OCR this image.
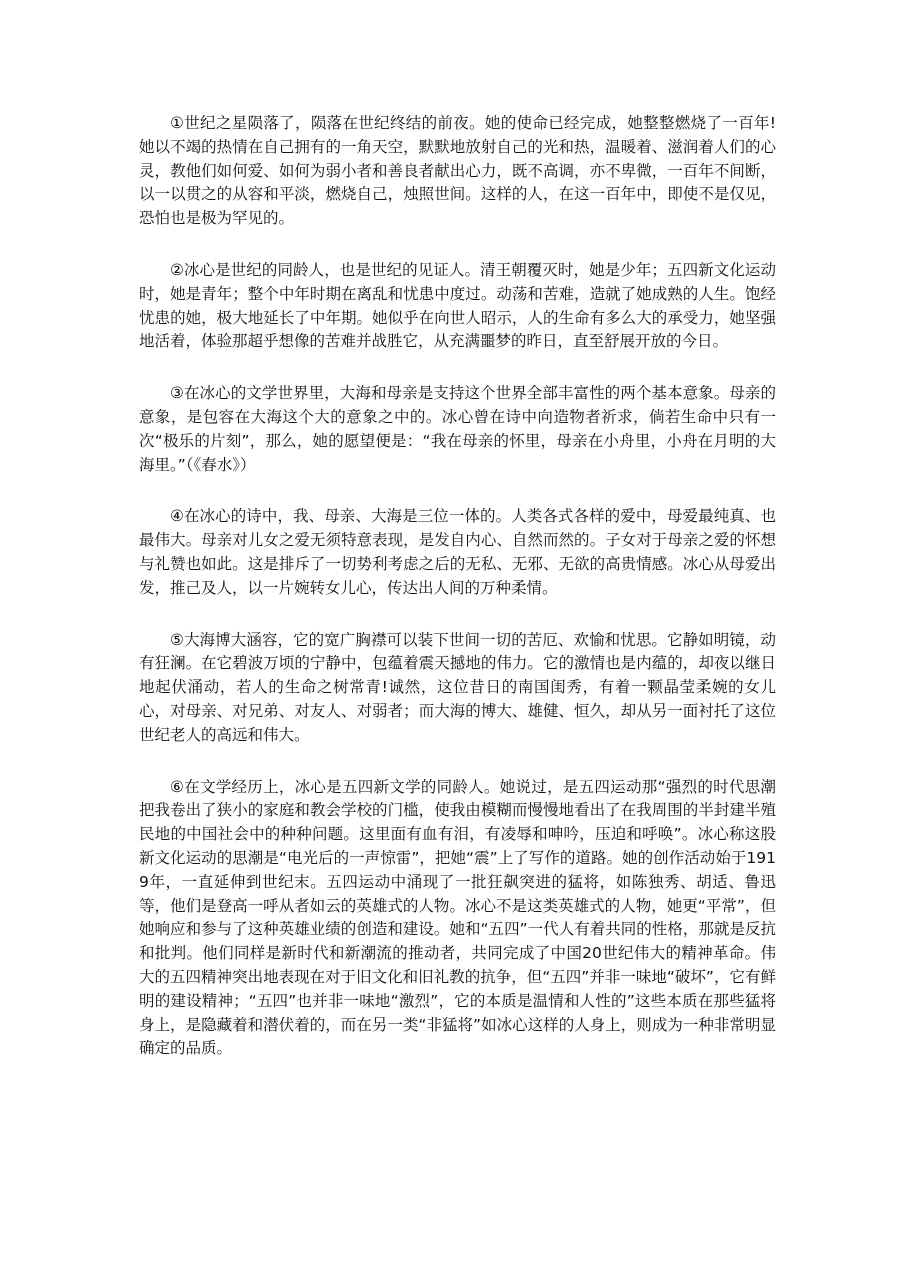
①世纪之星陨落了，陨落在世纪终结的前夜。她的使命已经完成，她整整燃烧了一百年!她以不竭的热情在自己拥有的一角天空，默默地放射自己的光和热，温暖着、滋润着人们的心灵，教他们如何爱、如何为弱小者和善良者献出心力，既不高调，亦不卑微，一百年不间断，以一以贯之的从容和平淡，燃烧自己，烛照世间。这样的人，在这一百年中，即使不是仅见，恐怕也是极为罕见的。

②冰心是世纪的同龄人，也是世纪的见证人。清王朝覆灭时，她是少年；五四新文化运动时，她是青年；整个中年时期在离乱和忧患中度过。动荡和苦难，造就了她成熟的人生。饱经忧患的她，极大地延长了中年期。她似乎在向世人昭示，人的生命有多么大的承受力，她坚强地活着，体验那超乎想像的苦难并战胜它，从充满噩梦的昨日，直至舒展开放的今日。

③在冰心的文学世界里，大海和母亲是支持这个世界全部丰富性的两个基本意象。母亲的意象，是包容在大海这个大的意象之中的。冰心曾在诗中向造物者祈求，倘若生命中只有一次“极乐的片刻”，那么，她的愿望便是：“我在母亲的怀里，母亲在小舟里，小舟在月明的大海里。”（《春水》）

④在冰心的诗中，我、母亲、大海是三位一体的。人类各式各样的爱中，母爱最纯真、也最伟大。母亲对儿女之爱无须特意表现，是发自内心、自然而然的。子女对于母亲之爱的怀想与礼赞也如此。这是排斥了一切势利考虑之后的无私、无邪、无欲的高贵情感。冰心从母爱出发，推己及人，以一片婉转女儿心，传达出人间的万种柔情。

⑤大海博大涵容，它的宽广胸襟可以装下世间一切的苦厄、欢愉和忧思。它静如明镜，动有狂澜。在它碧波万顷的宁静中，包蕴着震天撼地的伟力。它的激情也是内蕴的，却夜以继日地起伏涌动，若人的生命之树常青!诚然，这位昔日的南国闺秀，有着一颗晶莹柔婉的女儿心，对母亲、对兄弟、对友人、对弱者；而大海的博大、雄健、恒久，却从另一面衬托了这位世纪老人的高远和伟大。

⑥在文学经历上，冰心是五四新文学的同龄人。她说过，是五四运动那“强烈的时代思潮把我卷出了狭小的家庭和教会学校的门槛，使我由模糊而慢慢地看出了在我周围的半封建半殖民地的中国社会中的种种问题。这里面有血有泪，有凌辱和呻吟，压迫和呼唤”。冰心称这股新文化运动的思潮是“电光后的一声惊雷”，把她“震”上了写作的道路。她的创作活动始于1919年，一直延伸到世纪末。五四运动中涌现了一批狂飙突进的猛将，如陈独秀、胡适、鲁迅等，他们是登高一呼从者如云的英雄式的人物。冰心不是这类英雄式的人物，她更“平常”，但她响应和参与了这种英雄业绩的创造和建设。她和“五四”一代人有着共同的性格，那就是反抗和批判。他们同样是新时代和新潮流的推动者，共同完成了中国20世纪伟大的精神革命。伟大的五四精神突出地表现在对于旧文化和旧礼教的抗争，但“五四”并非一味地“破坏”，它有鲜明的建设精神；“五四”也并非一味地“激烈”，它的本质是温情和人性的”这些本质在那些猛将身上，是隐藏着和潜伏着的，而在另一类“非猛将”如冰心这样的人身上，则成为一种非常明显确定的品质。
